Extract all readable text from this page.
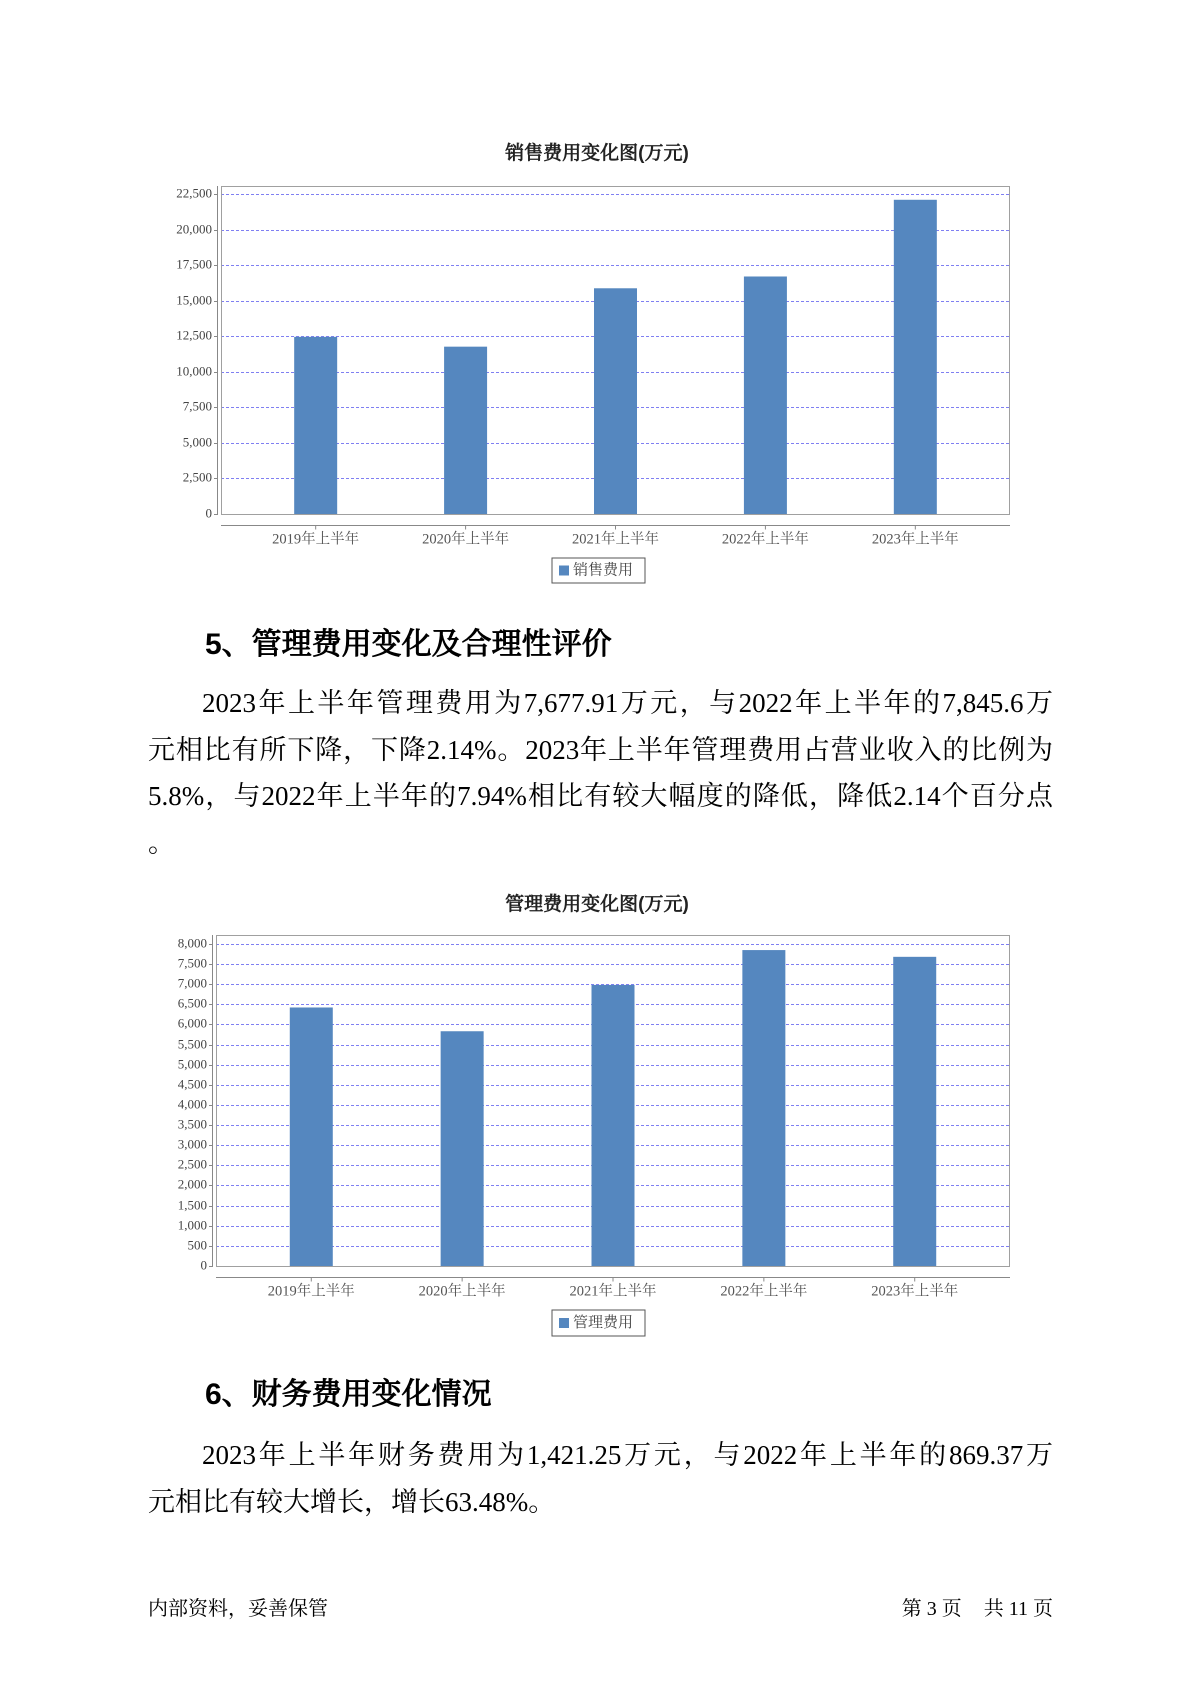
销售费用变化图(万元)
0
2,500
5,000
7,500
10,000
12,500
15,000
17,500
20,000
22,500
2019年上半年	2020年上半年	2021年上半年	2022年上半年	2023年上半年
销售费用
5、管理费用变化及合理性评价
2023年上半年管理费用为7,677.91万元，与2022年上半年的7,845.6万
元相比有所下降，下降2.14%。2023年上半年管理费用占营业收入的比例为
5.8%，与2022年上半年的7.94%相比有较大幅度的降低，降低2.14个百分点
。
管理费用变化图(万元)
0
500
1,000
1,500
2,000
2,500
3,000
3,500
4,000
4,500
5,000
5,500
6,000
6,500
7,000
7,500
8,000
2019年上半年	2020年上半年	2021年上半年	2022年上半年	2023年上半年
管理费用
6、财务费用变化情况
2023年上半年财务费用为1,421.25万元，与2022年上半年的869.37万
元相比有较大增长，增长63.48%。
内部资料，妥善保管	第 3 页 共 11 页
